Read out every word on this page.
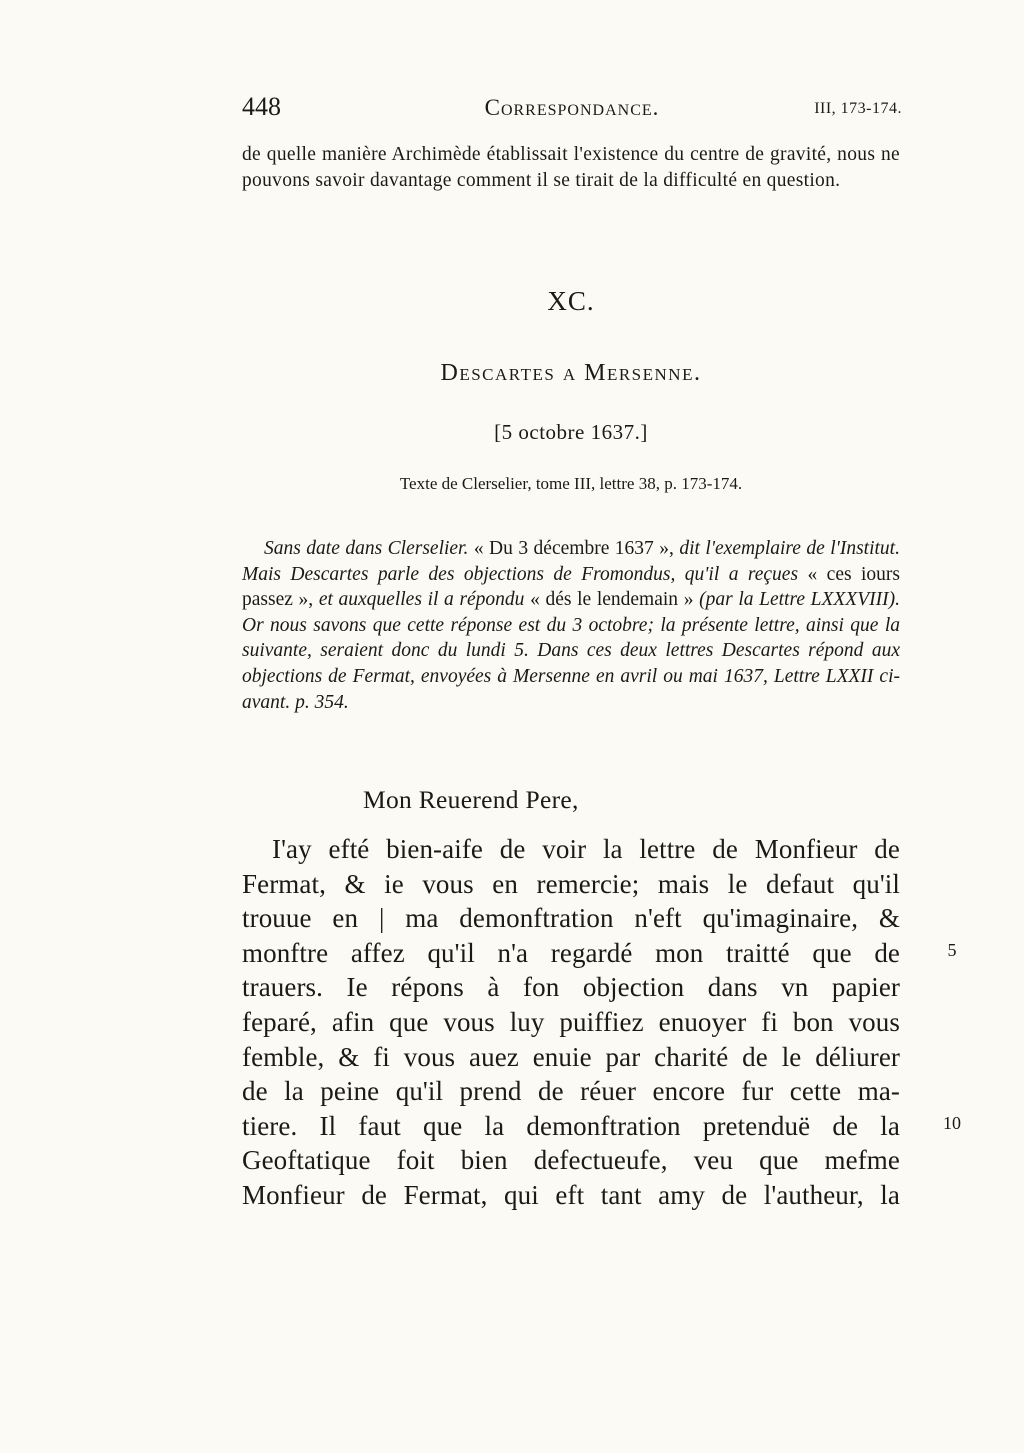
448	Correspondance.	III, 173-174.
de quelle manière Archimède établissait l'existence du centre de gravité, nous ne pouvons savoir davantage comment il se tirait de la difficulté en question.
XC.
Descartes a Mersenne.
[5 octobre 1637.]
Texte de Clerselier, tome III, lettre 38, p. 173-174.
Sans date dans Clerselier. « Du 3 décembre 1637 », dit l'exemplaire de l'Institut. Mais Descartes parle des objections de Fromondus, qu'il a reçues « ces iours passez », et auxquelles il a répondu « dés le lendemain » (par la Lettre LXXXVIII). Or nous savons que cette réponse est du 3 octobre; la présente lettre, ainsi que la suivante, seraient donc du lundi 5. Dans ces deux lettres Descartes répond aux objections de Fermat, envoyées à Mersenne en avril ou mai 1637, Lettre LXXII ci-avant. p. 354.
Mon Reuerend Pere,
I'ay efté bien-aife de voir la lettre de Monfieur de
Fermat, & ie vous en remercie; mais le defaut qu'il
trouue en | ma demonftration n'eft qu'imaginaire, &
monftre affez qu'il n'a regardé mon traitté que de
trauers. Ie répons à fon objection dans vn papier
feparé, afin que vous luy puiffiez enuoyer fi bon vous
femble, & fi vous auez enuie par charité de le déliurer
de la peine qu'il prend de réuer encore fur cette ma-
tiere. Il faut que la demonftration pretenduë de la
Geoftatique foit bien defectueufe, veu que mefme
Monfieur de Fermat, qui eft tant amy de l'autheur, la
5
10
